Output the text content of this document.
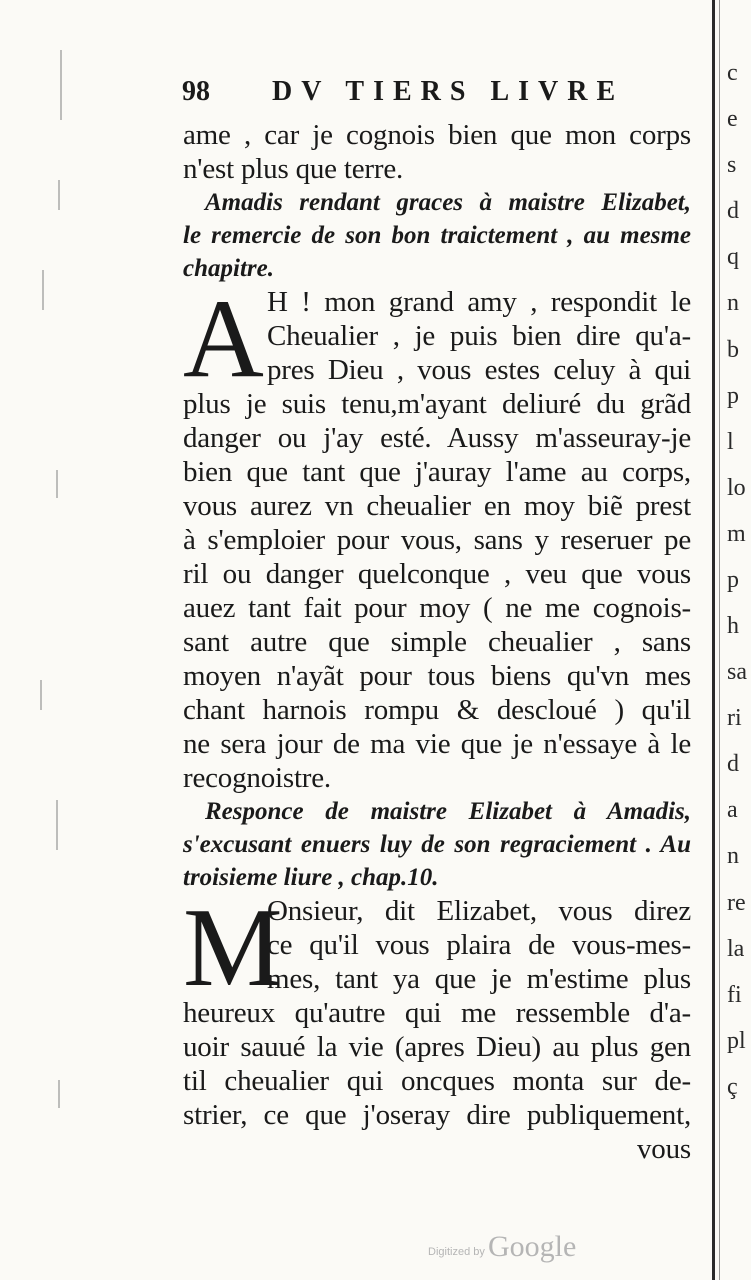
c
e
s
d
q
n
b
p
l
lo
m
p
h
sa
ri
d
a
n
re
la
fi
pl
ç
98 DV TIERS LIVRE
ame , car je cognois bien que mon corps
n'est plus que terre.
Amadis rendant graces à maistre Elizabet,
le remercie de son bon traictement , au mesme
chapitre.
A H ! mon grand amy , respondit le
Cheualier , je puis bien dire qu'a-
pres Dieu , vous estes celuy à qui
plus je suis tenu,m'ayant deliuré du grãd
danger ou j'ay esté. Aussy m'asseuray-je
bien que tant que j'auray l'ame au corps,
vous aurez vn cheualier en moy biẽ prest
à s'emploier pour vous, sans y reseruer pe
ril ou danger quelconque , veu que vous
auez tant fait pour moy ( ne me cognois-
sant autre que simple cheualier , sans
moyen n'ayãt pour tous biens qu'vn mes
chant harnois rompu & descloué ) qu'il
ne sera jour de ma vie que je n'essaye à le
recognoistre.
Responce de maistre Elizabet à Amadis,
s'excusant enuers luy de son regraciement . Au
troisieme liure , chap.10.
M
Onsieur, dit Elizabet, vous direz
ce qu'il vous plaira de vous-mes-
mes, tant ya que je m'estime plus
heureux qu'autre qui me ressemble d'a-
uoir sauué la vie (apres Dieu) au plus gen
til cheualier qui oncques monta sur de-
strier, ce que j'oseray dire publiquement,
vous
Digitized by Google
